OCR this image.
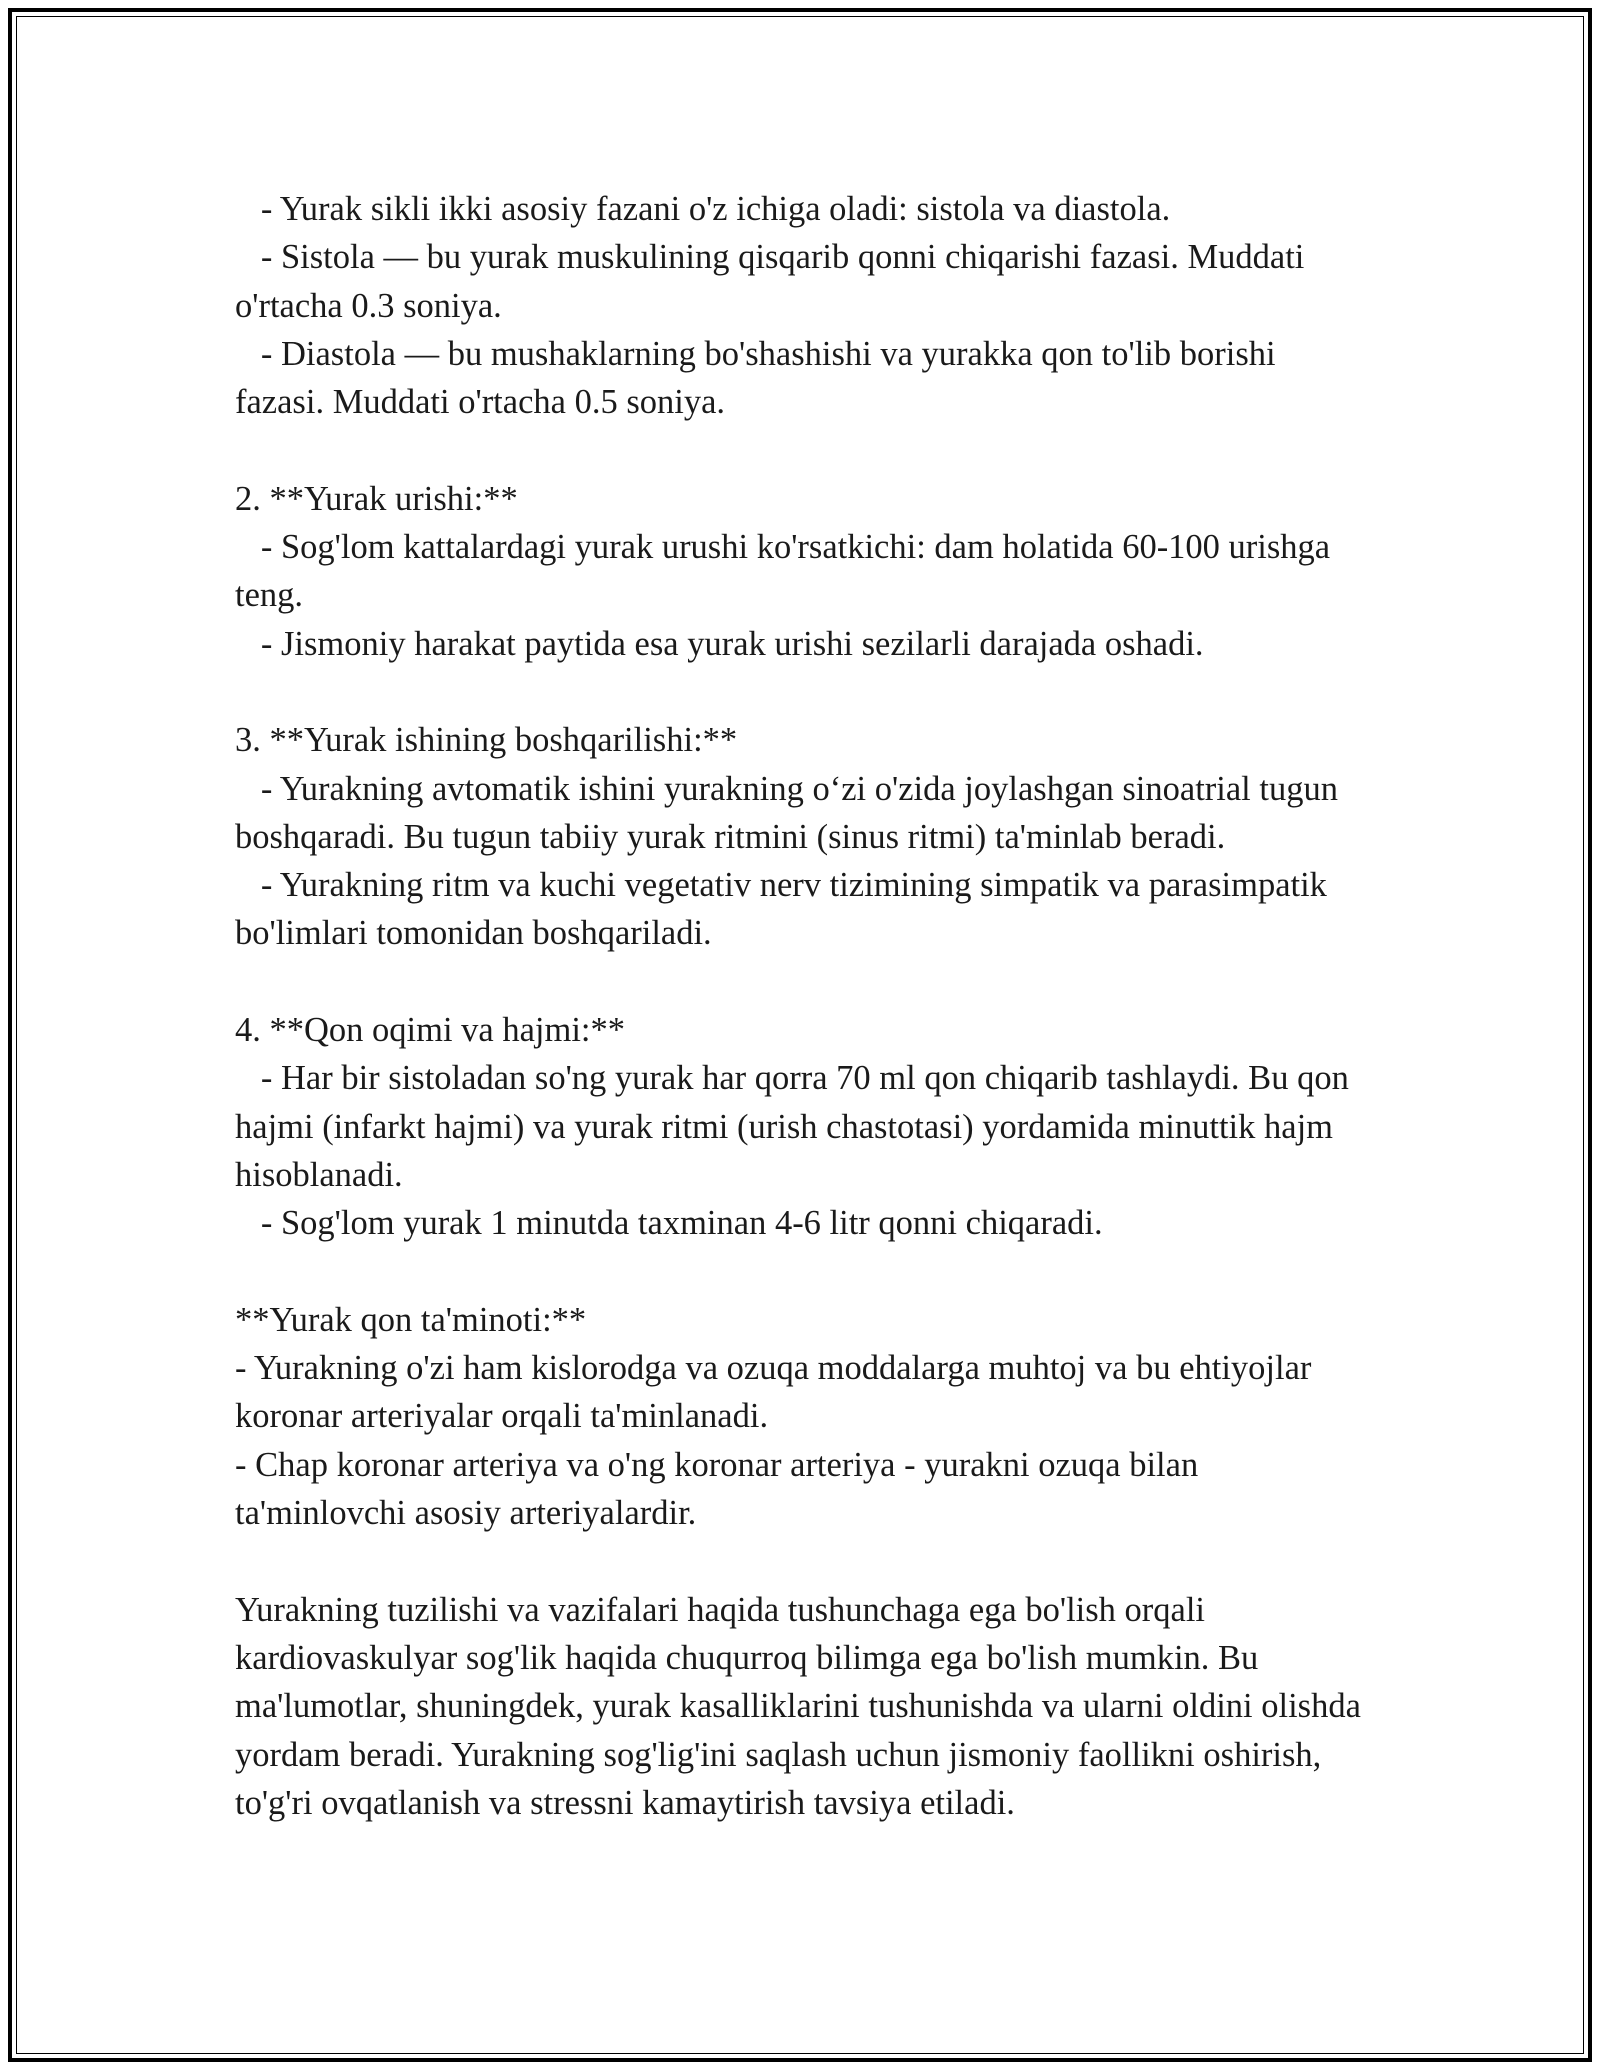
- Yurak sikli ikki asosiy fazani o'z ichiga oladi: sistola va diastola.

- Sistola — bu yurak muskulining qisqarib qonni chiqarishi fazasi. Muddati o'rtacha 0.3 soniya.

- Diastola — bu mushaklarning bo'shashishi va yurakka qon to'lib borishi fazasi. Muddati o'rtacha 0.5 soniya.

2. **Yurak urishi:**

- Sog'lom kattalardagi yurak urushi ko'rsatkichi: dam holatida 60-100 urishga teng.

- Jismoniy harakat paytida esa yurak urishi sezilarli darajada oshadi.

3. **Yurak ishining boshqarilishi:**

- Yurakning avtomatik ishini yurakning o‘zi o'zida joylashgan sinoatrial tugun boshqaradi. Bu tugun tabiiy yurak ritmini (sinus ritmi) ta'minlab beradi.

- Yurakning ritm va kuchi vegetativ nerv tizimining simpatik va parasimpatik bo'limlari tomonidan boshqariladi.

4. **Qon oqimi va hajmi:**

- Har bir sistoladan so'ng yurak har qorra 70 ml qon chiqarib tashlaydi. Bu qon hajmi (infarkt hajmi) va yurak ritmi (urish chastotasi) yordamida minuttik hajm hisoblanadi.

- Sog'lom yurak 1 minutda taxminan 4-6 litr qonni chiqaradi.

**Yurak qon ta'minoti:**

- Yurakning o'zi ham kislorodga va ozuqa moddalarga muhtoj va bu ehtiyojlar koronar arteriyalar orqali ta'minlanadi.

- Chap koronar arteriya va o'ng koronar arteriya - yurakni ozuqa bilan ta'minlovchi asosiy arteriyalardir.

Yurakning tuzilishi va vazifalari haqida tushunchaga ega bo'lish orqali kardiovaskulyar sog'lik haqida chuqurroq bilimga ega bo'lish mumkin. Bu ma'lumotlar, shuningdek, yurak kasalliklarini tushunishda va ularni oldini olishda yordam beradi. Yurakning sog'lig'ini saqlash uchun jismoniy faollikni oshirish, to'g'ri ovqatlanish va stressni kamaytirish tavsiya etiladi.
